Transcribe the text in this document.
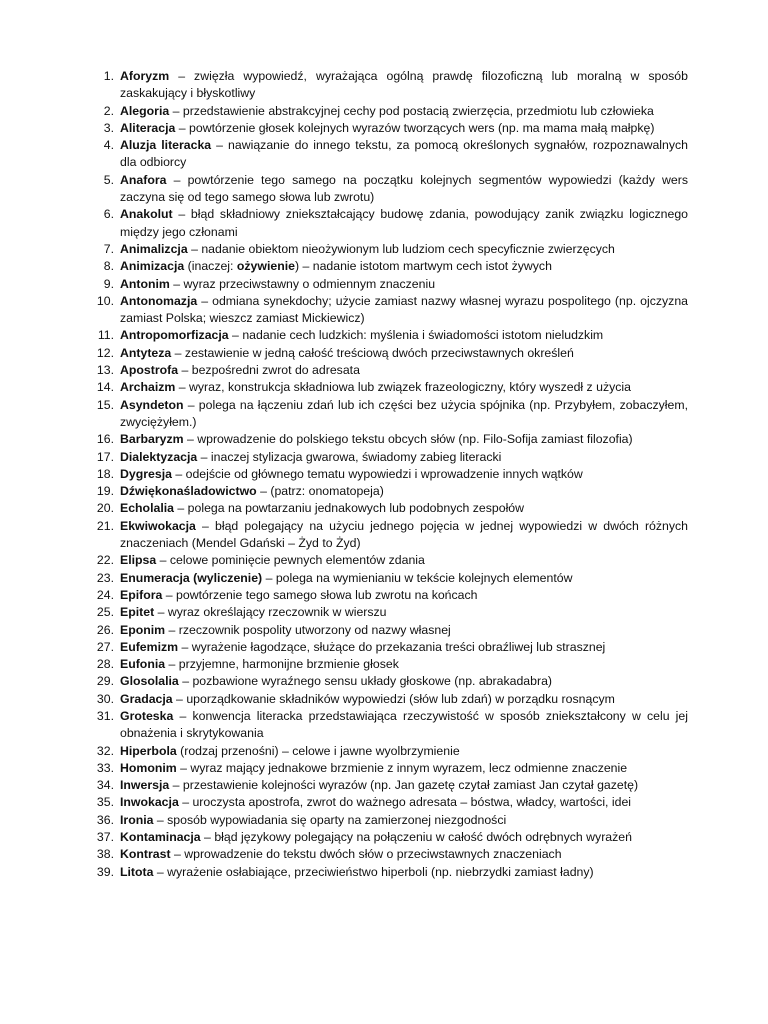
1. Aforyzm – zwięzła wypowiedź, wyrażająca ogólną prawdę filozoficzną lub moralną w sposób zaskakujący i błyskotliwy
2. Alegoria – przedstawienie abstrakcyjnej cechy pod postacią zwierzęcia, przedmiotu lub człowieka
3. Aliteracja – powtórzenie głosek kolejnych wyrazów tworzących wers (np. ma mama małą małpkę)
4. Aluzja literacka – nawiązanie do innego tekstu, za pomocą określonych sygnałów, rozpoznawalnych dla odbiorcy
5. Anafora – powtórzenie tego samego na początku kolejnych segmentów wypowiedzi (każdy wers zaczyna się od tego samego słowa lub zwrotu)
6. Anakolut – błąd składniowy zniekształcający budowę zdania, powodujący zanik związku logicznego między jego członami
7. Animalizcja – nadanie obiektom nieożywionym lub ludziom cech specyficznie zwierzęcych
8. Animizacja (inaczej: ożywienie) – nadanie istotom martwym cech istot żywych
9. Antonim – wyraz przeciwstawny o odmiennym znaczeniu
10. Antonomazja – odmiana synekdochy; użycie zamiast nazwy własnej wyrazu pospolitego (np. ojczyzna zamiast Polska; wieszcz zamiast Mickiewicz)
11. Antropomorfizacja – nadanie cech ludzkich: myślenia i świadomości istotom nieludzkim
12. Antyteza – zestawienie w jedną całość treściową dwóch przeciwstawnych określeń
13. Apostrofa – bezpośredni zwrot do adresata
14. Archaizm – wyraz, konstrukcja składniowa lub związek frazeologiczny, który wyszedł z użycia
15. Asyndeton – polega na łączeniu zdań lub ich części bez użycia spójnika (np. Przybyłem, zobaczyłem, zwyciężyłem.)
16. Barbaryzm – wprowadzenie do polskiego tekstu obcych słów (np. Filo-Sofija zamiast filozofia)
17. Dialektyzacja – inaczej stylizacja gwarowa, świadomy zabieg literacki
18. Dygresja – odejście od głównego tematu wypowiedzi i wprowadzenie innych wątków
19. Dźwiękonaśladowictwo – (patrz: onomatopeja)
20. Echolalia – polega na powtarzaniu jednakowych lub podobnych zespołów
21. Ekwiwokacja – błąd polegający na użyciu jednego pojęcia w jednej wypowiedzi w dwóch różnych znaczeniach (Mendel Gdański – Żyd to Żyd)
22. Elipsa – celowe pominięcie pewnych elementów zdania
23. Enumeracja (wyliczenie) – polega na wymienianiu w tekście kolejnych elementów
24. Epifora – powtórzenie tego samego słowa lub zwrotu na końcach
25. Epitet – wyraz określający rzeczownik w wierszu
26. Eponim – rzeczownik pospolity utworzony od nazwy własnej
27. Eufemizm – wyrażenie łagodzące, służące do przekazania treści obraźliwej lub strasznej
28. Eufonia – przyjemne, harmonijne brzmienie głosek
29. Glosolalia – pozbawione wyraźnego sensu układy głoskowe (np. abrakadabra)
30. Gradacja – uporządkowanie składników wypowiedzi (słów lub zdań) w porządku rosnącym
31. Groteska – konwencja literacka przedstawiająca rzeczywistość w sposób zniekształcony w celu jej obnażenia i skrytykowania
32. Hiperbola (rodzaj przenośni) – celowe i jawne wyolbrzymienie
33. Homonim – wyraz mający jednakowe brzmienie z innym wyrazem, lecz odmienne znaczenie
34. Inwersja – przestawienie kolejności wyrazów (np. Jan gazetę czytał zamiast Jan czytał gazetę)
35. Inwokacja – uroczysta apostrofa, zwrot do ważnego adresata – bóstwa, władcy, wartości, idei
36. Ironia – sposób wypowiadania się oparty na zamierzonej niezgodności
37. Kontaminacja – błąd językowy polegający na połączeniu w całość dwóch odrębnych wyrażeń
38. Kontrast – wprowadzenie do tekstu dwóch słów o przeciwstawnych znaczeniach
39. Litota – wyrażenie osłabiające, przeciwieństwo hiperboli (np. niebrzydki zamiast ładny)
